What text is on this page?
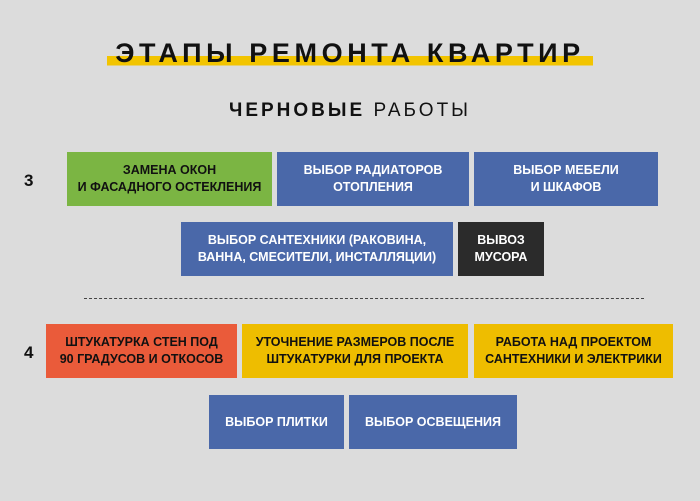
ЭТАПЫ РЕМОНТА КВАРТИР
ЧЕРНОВЫЕ РАБОТЫ
3
ЗАМЕНА ОКОН
И ФАСАДНОГО ОСТЕКЛЕНИЯ
ВЫБОР РАДИАТОРОВ
ОТОПЛЕНИЯ
ВЫБОР МЕБЕЛИ
И ШКАФОВ
ВЫБОР САНТЕХНИКИ (РАКОВИНА,
ВАННА, СМЕСИТЕЛИ, ИНСТАЛЛЯЦИИ)
ВЫВОЗ
МУСОРА
4
ШТУКАТУРКА СТЕН ПОД
90 ГРАДУСОВ И ОТКОСОВ
УТОЧНЕНИЕ РАЗМЕРОВ ПОСЛЕ
ШТУКАТУРКИ ДЛЯ ПРОЕКТА
РАБОТА НАД ПРОЕКТОМ
САНТЕХНИКИ И ЭЛЕКТРИКИ
ВЫБОР ПЛИТКИ	ВЫБОР ОСВЕЩЕНИЯ
